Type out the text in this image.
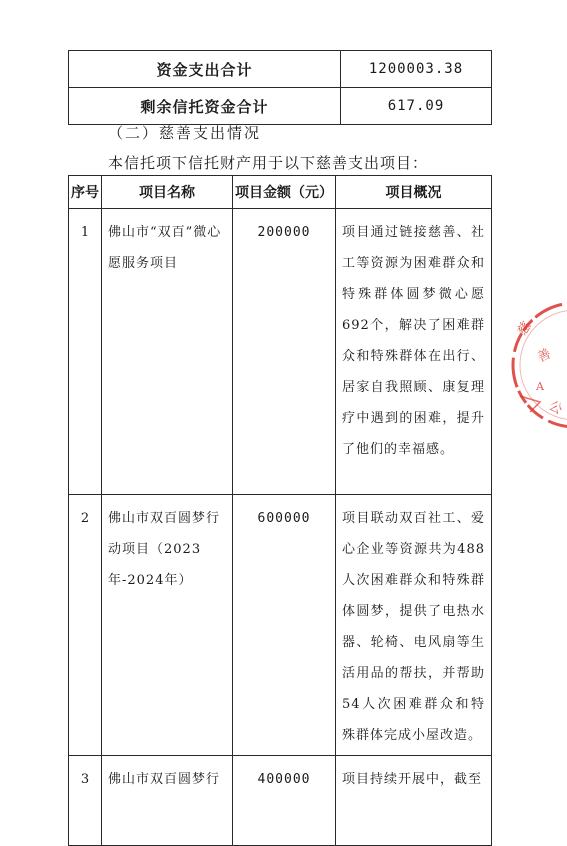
资金支出合计	1200003.38
剩余信托资金合计	617.09
（二）慈善支出情况
本信托项下信托财产用于以下慈善支出项目：
序号	项目名称	项目金额（元）	项目概况

1	佛山市“双百”微心愿服务项目	200000	项目通过链接慈善、社工等资源为困难群众和特殊群体圆梦微心愿692个，解决了困难群众和特殊群体在出行、居家自我照顾、康复理疗中遇到的困难，提升了他们的幸福感。

2	佛山市双百圆梦行动项目（2023年-2024年）	600000	项目联动双百社工、爱心企业等资源共为488人次困难群众和特殊群体圆梦，提供了电热水器、轮椅、电风扇等生活用品的帮扶，并帮助54人次困难群众和特殊群体完成小屋改造。

3	佛山市双百圆梦行	400000	项目持续开展中，截至
慈
善
A
公
